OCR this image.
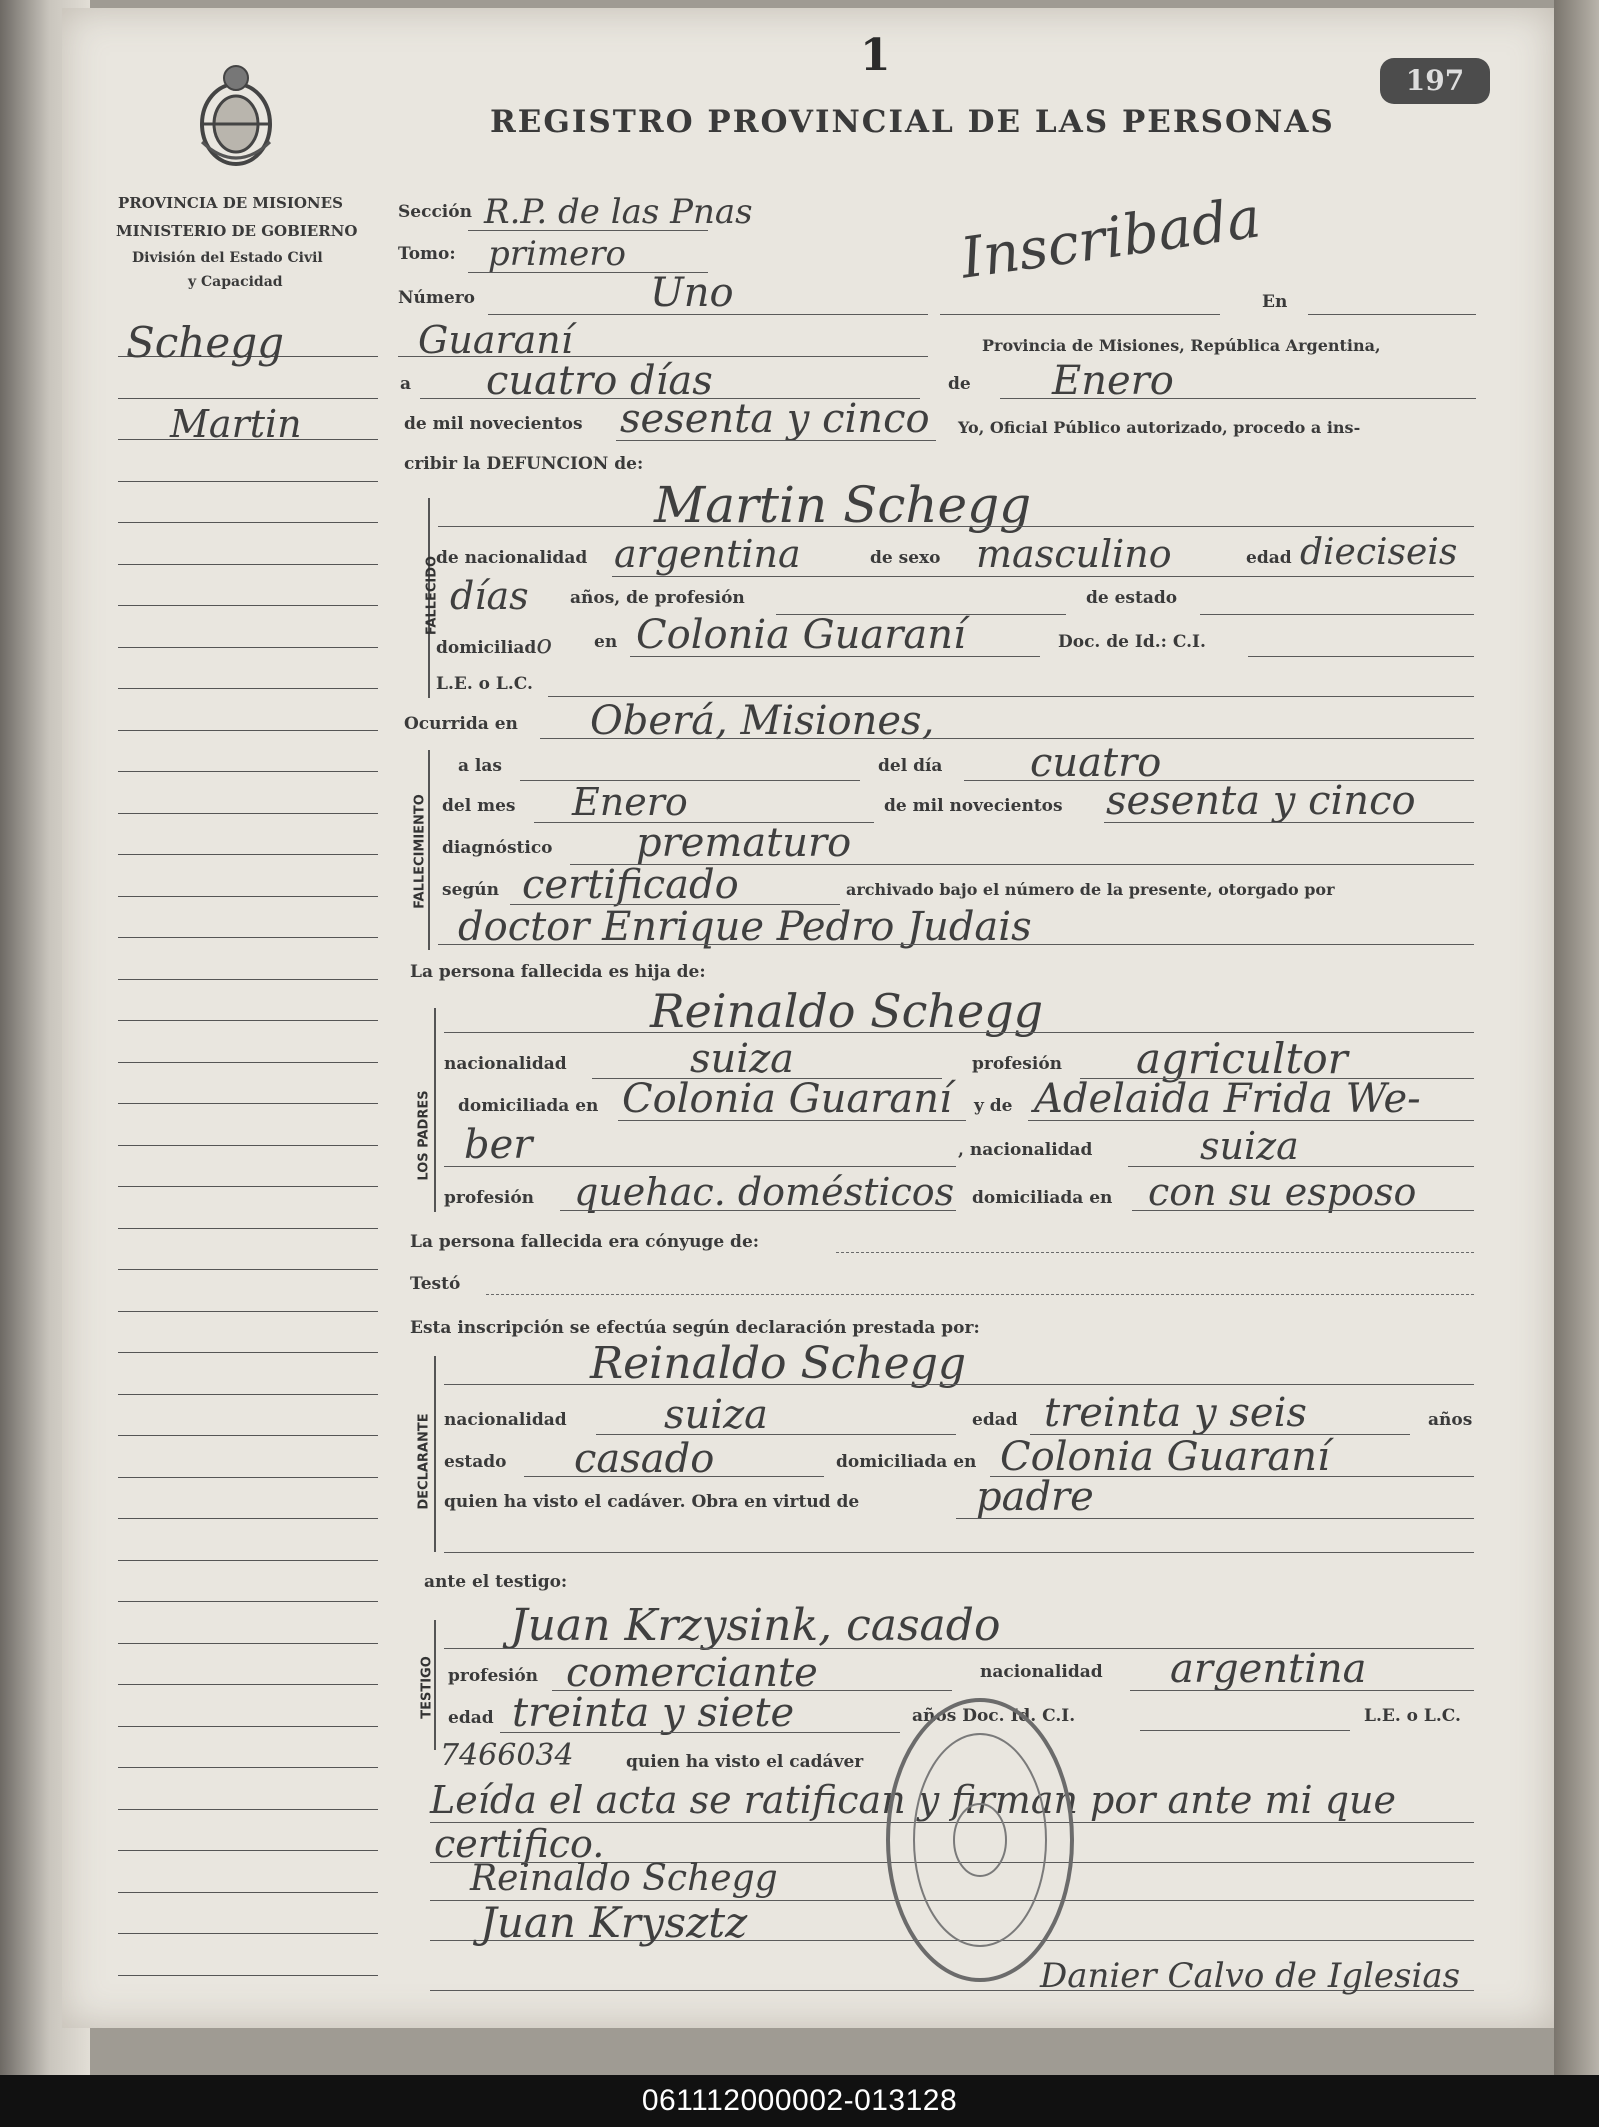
PROVINCIA DE MISIONES
MINISTERIO DE GOBIERNO
División del Estado Civil
y Capacidad
Schegg
Martin
1	197
REGISTRO PROVINCIAL DE LAS PERSONAS
Inscribada
Sección R.P. de las Pnas
Tomo: primero
Número	Uno	En
Guaraní	Provincia de Misiones, República Argentina,
a cuatro días	de Enero
de mil novecientos sesenta y cinco Yo, Oficial Público autorizado, procedo a ins-
cribir la DEFUNCION de:
FALLECIDO
Martin Schegg
de nacionalidad argentina	de sexo masculino	edad dieciseis
días años, de profesión	de estado
domiciliado en Colonia Guaraní	Doc. de Id.: C.I.
L.E. o L.C.
Ocurrida en Oberá, Misiones,
FALLECIMIENTO
a las	del día cuatro
del mes Enero	de mil novecientos sesenta y cinco
diagnóstico prematuro
según certificado	archivado bajo el número de la presente, otorgado por
doctor Enrique Pedro Judais
La persona fallecida es hija de:
LOS PADRES
Reinaldo Schegg
nacionalidad	suiza	profesión agricultor
domiciliada en Colonia Guaraní y de Adelaida Frida We-
ber	, nacionalidad	suiza
profesión quehac. domésticos domiciliada en con su esposo
La persona fallecida era cónyuge de:
Testó
Esta inscripción se efectúa según declaración prestada por:
DECLARANTE
Reinaldo Schegg
nacionalidad suiza	edad treinta y seis	años
estado casado	domiciliada en Colonia Guaraní
quien ha visto el cadáver. Obra en virtud de	padre
ante el testigo:
TESTIGO
Juan Krzysink, casado
profesión comerciante	nacionalidad argentina
edad treinta y siete	años Doc. Id. C.I.	L.E. o L.C.
7466034	quien ha visto el cadáver
Leída el acta se ratifican y firman por ante mi que
certifico.
Reinaldo Schegg
Juan Krysztz
Danier Calvo de Iglesias
061112000002-013128
